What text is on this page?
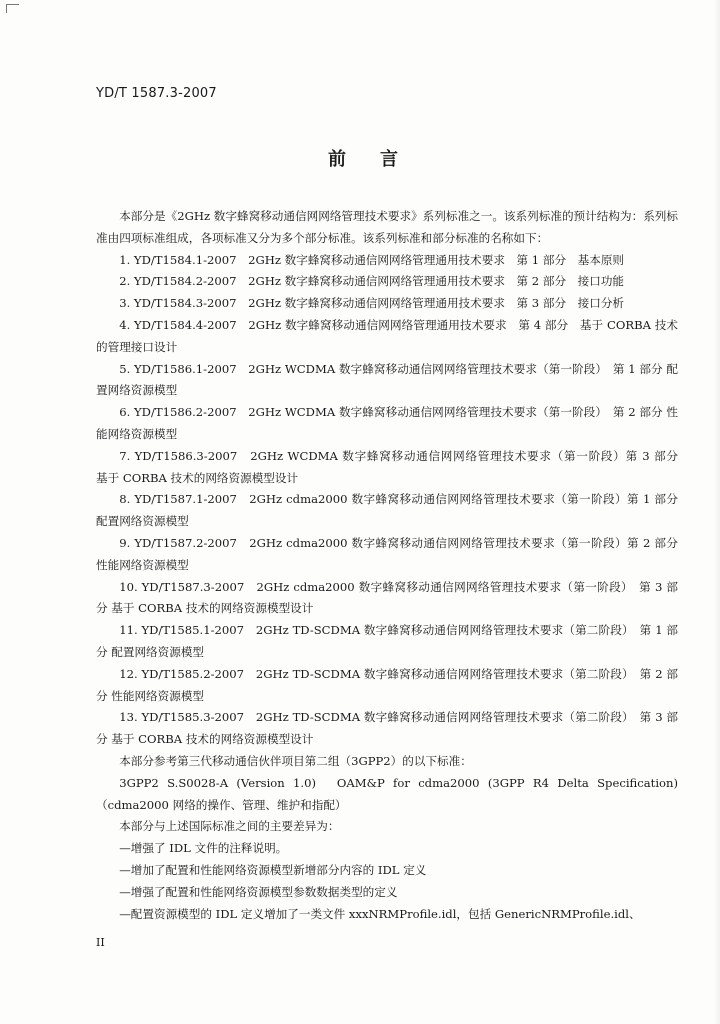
YD/T 1587.3-2007
前言

本部分是《2GHz 数字蜂窝移动通信网网络管理技术要求》系列标准之一。该系列标准的预计结构为：系列标准由四项标准组成，各项标准又分为多个部分标准。该系列标准和部分标准的名称如下：

1. YD/T1584.1-2007　2GHz 数字蜂窝移动通信网网络管理通用技术要求　第 1 部分　基本原则

2. YD/T1584.2-2007　2GHz 数字蜂窝移动通信网网络管理通用技术要求　第 2 部分　接口功能

3. YD/T1584.3-2007　2GHz 数字蜂窝移动通信网网络管理通用技术要求　第 3 部分　接口分析

4. YD/T1584.4-2007　2GHz 数字蜂窝移动通信网网络管理通用技术要求　第 4 部分　基于 CORBA 技术的管理接口设计

5. YD/T1586.1-2007　2GHz WCDMA 数字蜂窝移动通信网网络管理技术要求（第一阶段）　第 1 部分 配置网络资源模型

6. YD/T1586.2-2007　2GHz WCDMA 数字蜂窝移动通信网网络管理技术要求（第一阶段）　第 2 部分 性能网络资源模型

7. YD/T1586.3-2007　2GHz WCDMA 数字蜂窝移动通信网网络管理技术要求（第一阶段）第 3 部分　基于 CORBA 技术的网络资源模型设计

8. YD/T1587.1-2007　2GHz cdma2000 数字蜂窝移动通信网网络管理技术要求（第一阶段）第 1 部分　配置网络资源模型

9. YD/T1587.2-2007　2GHz cdma2000 数字蜂窝移动通信网网络管理技术要求（第一阶段）第 2 部分　性能网络资源模型

10. YD/T1587.3-2007　2GHz cdma2000 数字蜂窝移动通信网网络管理技术要求（第一阶段）　第 3 部分 基于 CORBA 技术的网络资源模型设计

11. YD/T1585.1-2007　2GHz TD-SCDMA 数字蜂窝移动通信网网络管理技术要求（第二阶段）　第 1 部分 配置网络资源模型

12. YD/T1585.2-2007　2GHz TD-SCDMA 数字蜂窝移动通信网网络管理技术要求（第二阶段）　第 2 部分 性能网络资源模型

13. YD/T1585.3-2007　2GHz TD-SCDMA 数字蜂窝移动通信网网络管理技术要求（第二阶段）　第 3 部分 基于 CORBA 技术的网络资源模型设计

本部分参考第三代移动通信伙伴项目第二组（3GPP2）的以下标准：

3GPP2 S.S0028-A (Version 1.0)　OAM&P for cdma2000 (3GPP R4 Delta Specification)（cdma2000 网络的操作、管理、维护和指配）

本部分与上述国际标准之间的主要差异为：

—增强了 IDL 文件的注释说明。

—增加了配置和性能网络资源模型新增部分内容的 IDL 定义

—增强了配置和性能网络资源模型参数数据类型的定义

—配置资源模型的 IDL 定义增加了一类文件 xxxNRMProfile.idl，包括 GenericNRMProfile.idl、

II
